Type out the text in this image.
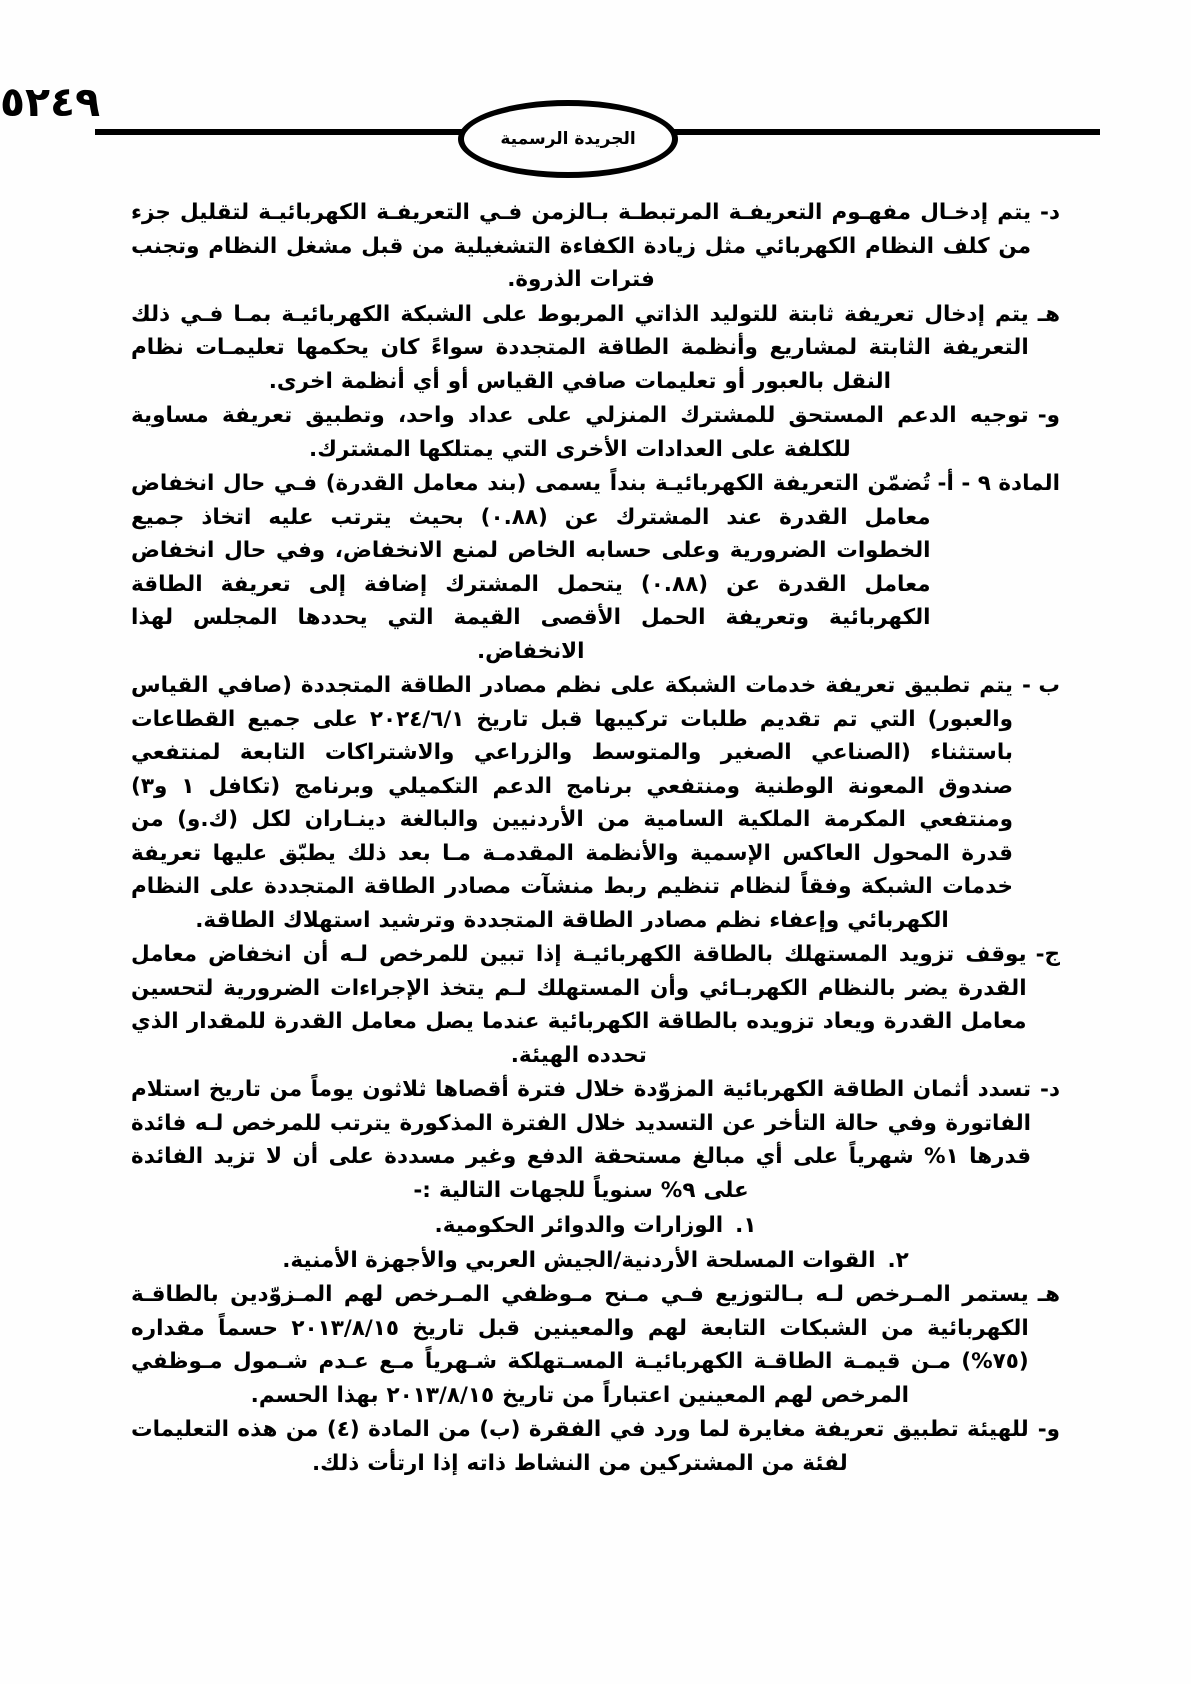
٥٢٤٩
الجريدة الرسمية
د-
يتم إدخـال مفهـوم التعريفـة المرتبطـة بـالزمن فـي التعريفـة الكهربائيـة لتقليل جزء من كلف النظام الكهربائي مثل زيادة الكفاءة التشغيلية من قبل مشغل النظام وتجنب فترات الذروة.
هـ
يتم إدخال تعريفة ثابتة للتوليد الذاتي المربوط على الشبكة الكهربائيـة بمـا فـي ذلك التعريفة الثابتة لمشاريع وأنظمة الطاقة المتجددة سواءً كان يحكمها تعليمـات نظام النقل بالعبور أو تعليمات صافي القياس أو أي أنظمة اخرى.
و-
توجيه الدعم المستحق للمشترك المنزلي على عداد واحد، وتطبيق تعريفة مساوية للكلفة على العدادات الأخرى التي يمتلكها المشترك.
المادة ٩ - أ-
تُضمّن التعريفة الكهربائيـة بنداً يسمى (بند معامل القدرة) فـي حال انخفاض معامل القدرة عند المشترك عن (٠.٨٨) بحيث يترتب عليه اتخاذ جميع الخطوات الضرورية وعلى حسابه الخاص لمنع الانخفاض، وفي حال انخفاض معامل القدرة عن (٠.٨٨) يتحمل المشترك إضافة إلى تعريفة الطاقة الكهربائية وتعريفة الحمل الأقصى القيمة التي يحددها المجلس لهذا الانخفاض.
ب -
يتم تطبيق تعريفة خدمات الشبكة على نظم مصادر الطاقة المتجددة (صافي القياس والعبور) التي تم تقديم طلبات تركيبها قبل تاريخ ٢٠٢٤/٦/١ على جميع القطاعات باستثناء (الصناعي الصغير والمتوسط والزراعي والاشتراكات التابعة لمنتفعي صندوق المعونة الوطنية ومنتفعي برنامج الدعم التكميلي وبرنامج (تكافل ١ و٣) ومنتفعي المكرمة الملكية السامية من الأردنيين والبالغة دينـاران لكل (ك.و) من قدرة المحول العاكس الإسمية والأنظمة المقدمـة مـا بعد ذلك يطبّق عليها تعريفة خدمات الشبكة وفقاً لنظام تنظيم ربط منشآت مصادر الطاقة المتجددة على النظام الكهربائي وإعفاء نظم مصادر الطاقة المتجددة وترشيد استهلاك الطاقة.
ج-
يوقف تزويد المستهلك بالطاقة الكهربائيـة إذا تبين للمرخص لـه أن انخفاض معامل القدرة يضر بالنظام الكهربـائي وأن المستهلك لـم يتخذ الإجراءات الضرورية لتحسين معامل القدرة ويعاد تزويده بالطاقة الكهربائية عندما يصل معامل القدرة للمقدار الذي تحدده الهيئة.
د-
تسدد أثمان الطاقة الكهربائية المزوّدة خلال فترة أقصاها ثلاثون يوماً من تاريخ استلام الفاتورة وفي حالة التأخر عن التسديد خلال الفترة المذكورة يترتب للمرخص لـه فائدة قدرها ١% شهرياً على أي مبالغ مستحقة الدفع وغير مسددة على أن لا تزيد الفائدة على ٩% سنوياً للجهات التالية :-
١.
الوزارات والدوائر الحكومية.
٢.
القوات المسلحة الأردنية/الجيش العربي والأجهزة الأمنية.
هـ
يستمر المـرخص لـه بـالتوزيع فـي مـنح مـوظفي المـرخص لهم المـزوّدين بالطاقـة الكهربائية من الشبكات التابعة لهم والمعينين قبل تاريخ ٢٠١٣/٨/١٥ حسماً مقداره (٧٥%) مـن قيمـة الطاقـة الكهربائيـة المسـتهلكة شـهرياً مـع عـدم شـمول مـوظفي المرخص لهم المعينين اعتباراً من تاريخ ٢٠١٣/٨/١٥ بهذا الحسم.
و-
للهيئة تطبيق تعريفة مغايرة لما ورد في الفقرة (ب) من المادة (٤) من هذه التعليمات لفئة من المشتركين من النشاط ذاته إذا ارتأت ذلك.
